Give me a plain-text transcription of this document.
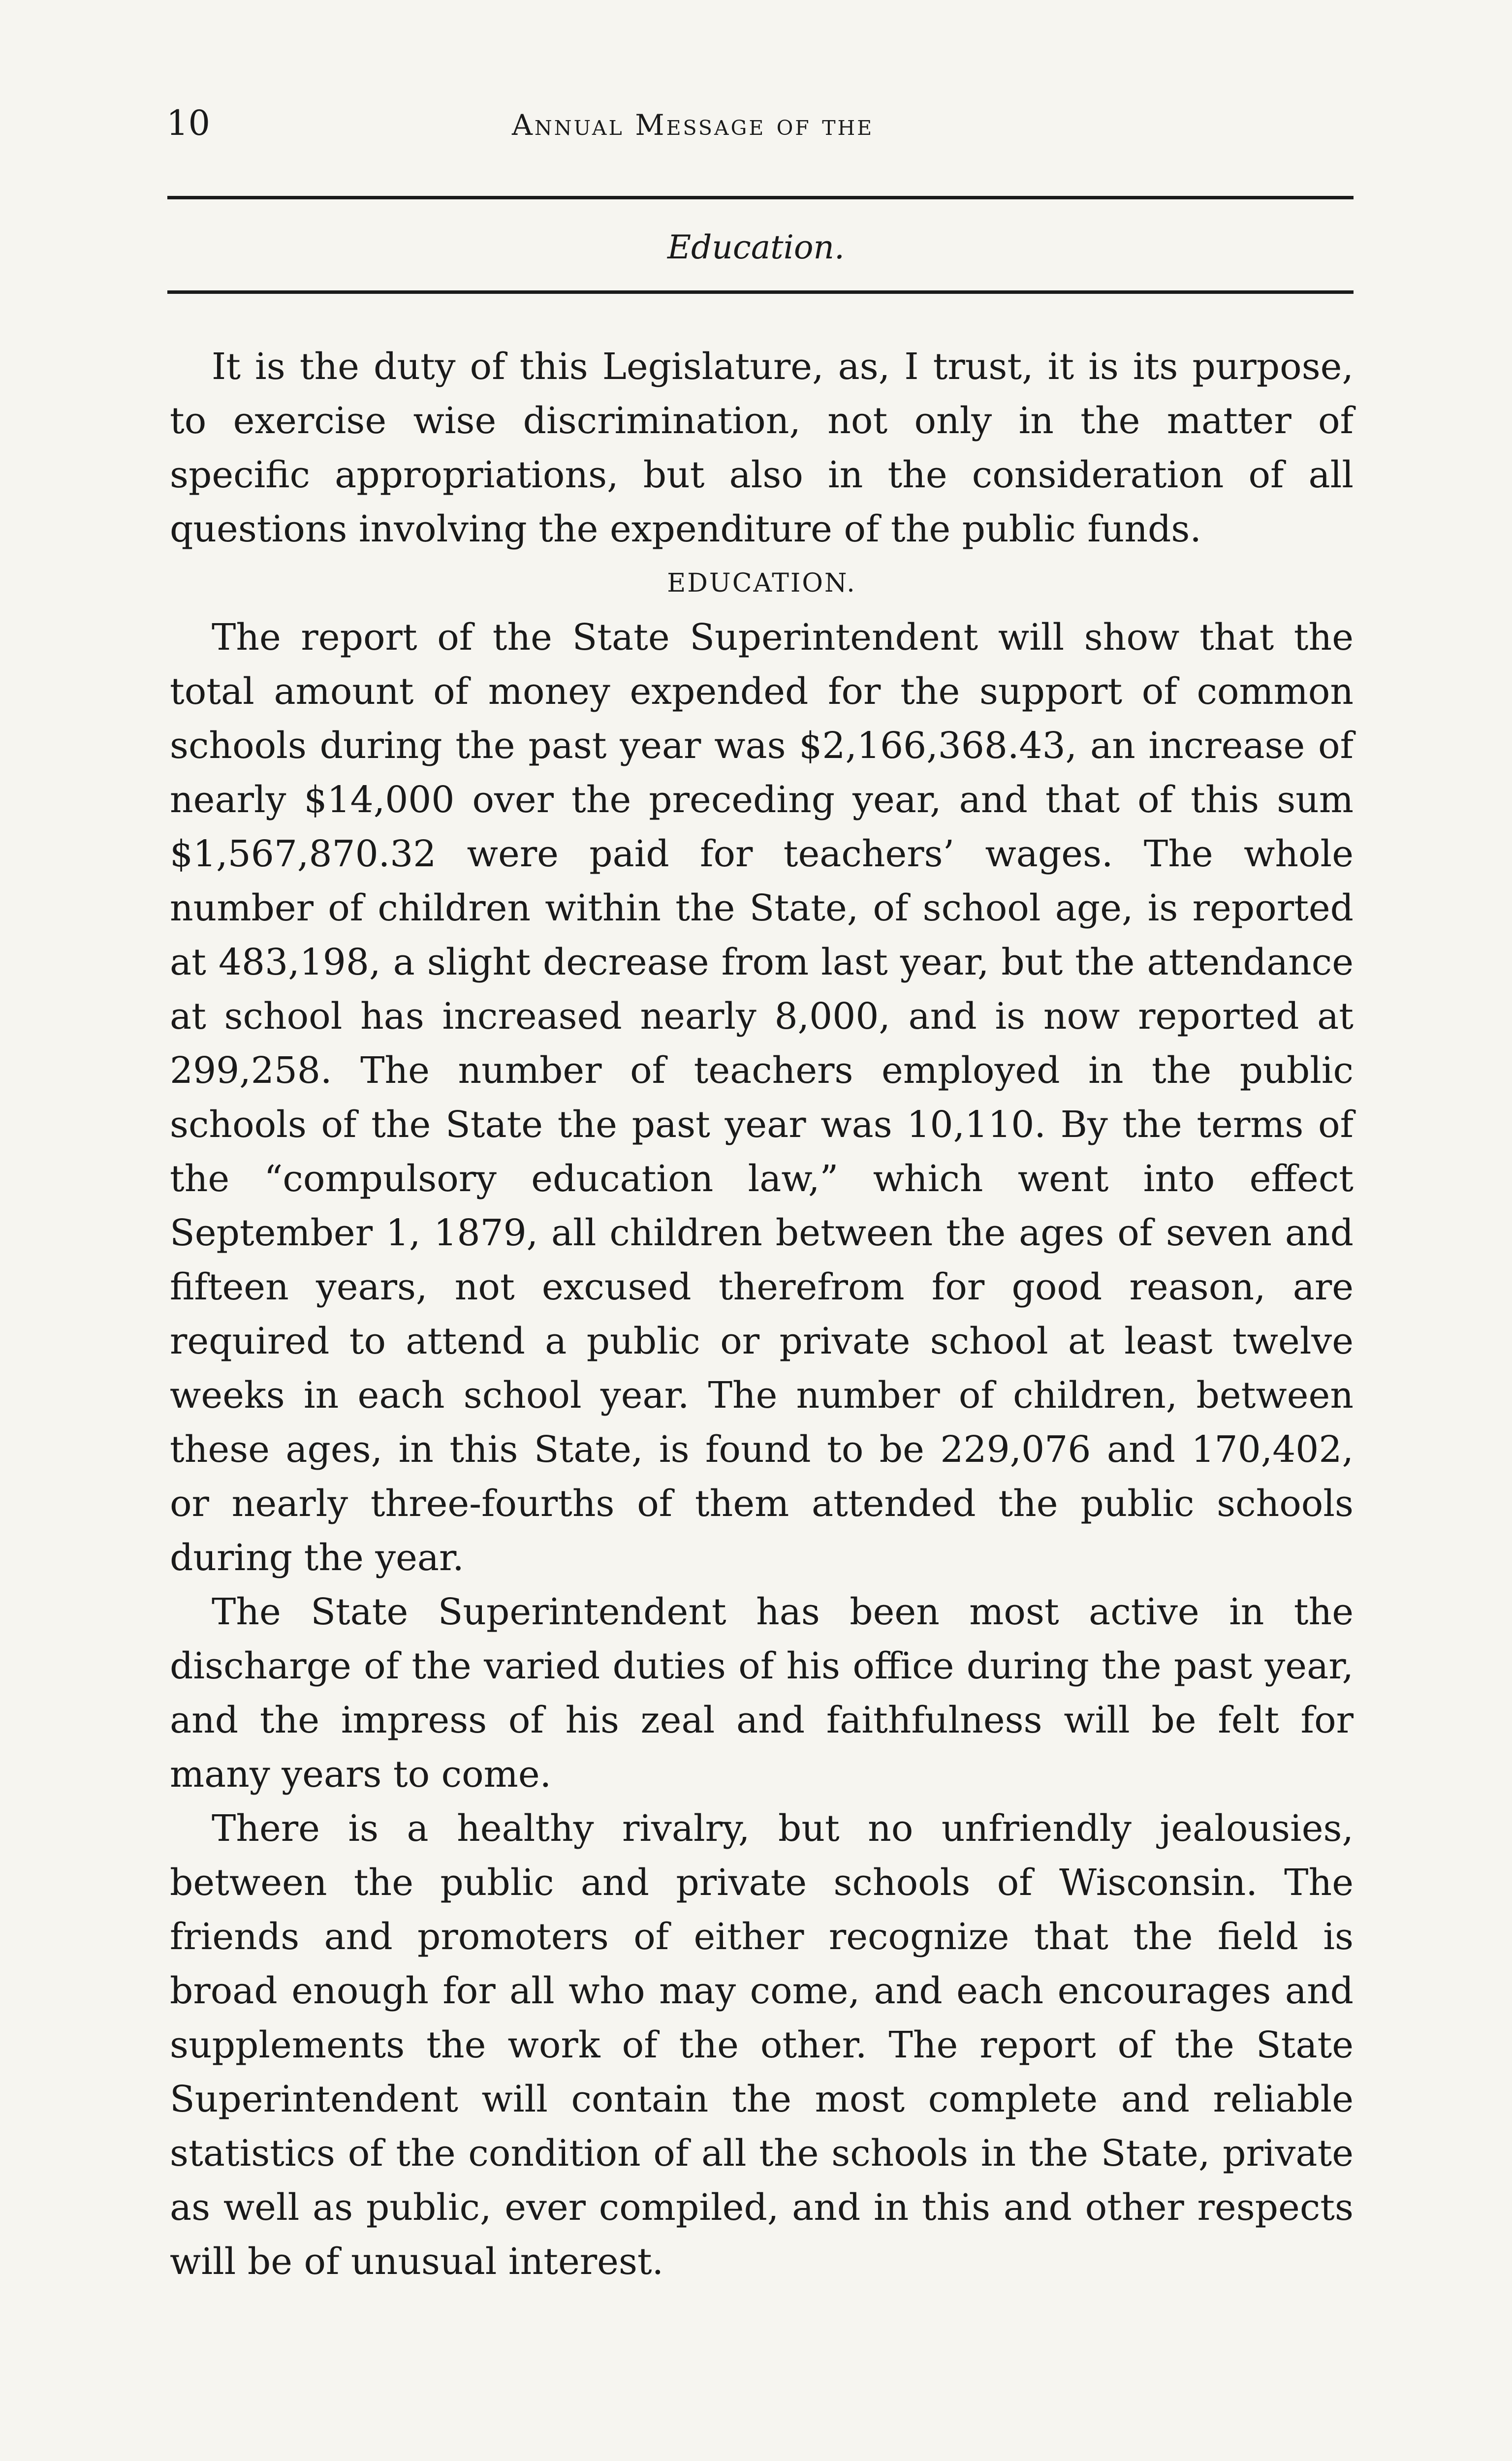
10	Annual Message of the
Education.

It is the duty of this Legislature, as, I trust, it is its purpose, to exercise wise discrimination, not only in the matter of specific appropriations, but also in the consideration of all questions involving the expenditure of the public funds.

EDUCATION.

The report of the State Superintendent will show that the total amount of money expended for the support of common schools during the past year was $2,166,368.43, an increase of nearly $14,000 over the preceding year, and that of this sum $1,567,870.32 were paid for teachers’ wages. The whole number of children within the State, of school age, is reported at 483,198, a slight decrease from last year, but the attendance at school has increased nearly 8,000, and is now reported at 299,258. The number of teachers employed in the public schools of the State the past year was 10,110. By the terms of the “compulsory education law,” which went into effect September 1, 1879, all children between the ages of seven and fifteen years, not excused therefrom for good reason, are required to attend a public or private school at least twelve weeks in each school year. The number of children, between these ages, in this State, is found to be 229,076 and 170,402, or nearly three-fourths of them attended the public schools during the year.

The State Superintendent has been most active in the discharge of the varied duties of his office during the past year, and the impress of his zeal and faithfulness will be felt for many years to come.

There is a healthy rivalry, but no unfriendly jealousies, between the public and private schools of Wisconsin. The friends and promoters of either recognize that the field is broad enough for all who may come, and each encourages and supplements the work of the other. The report of the State Superintendent will contain the most complete and reliable statistics of the condition of all the schools in the State, private as well as public, ever compiled, and in this and other respects will be of unusual interest.
